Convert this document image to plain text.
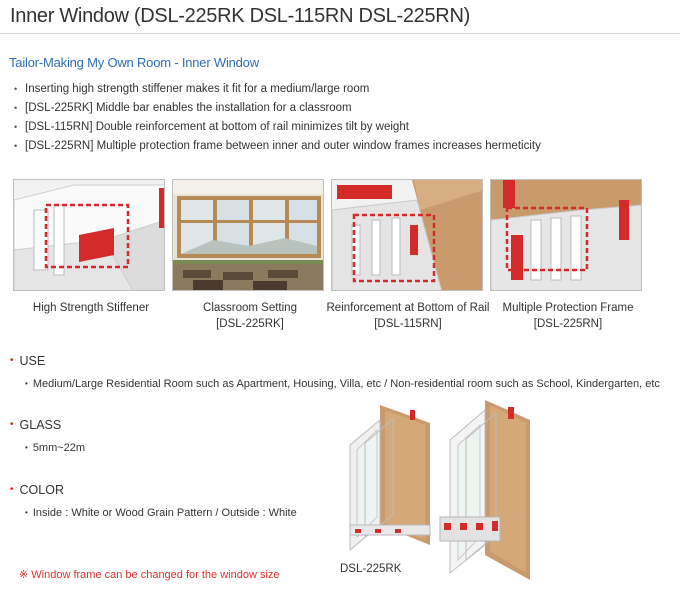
Inner Window (DSL-225RK DSL-115RN DSL-225RN)
Tailor-Making My Own Room - Inner Window
• Inserting high strength stiffener makes it fit for a medium/large room
• [DSL-225RK] Middle bar enables the installation for a classroom
• [DSL-115RN] Double reinforcement at bottom of rail minimizes tilt by weight
• [DSL-225RN] Multiple protection frame between inner and outer window frames increases hermeticity
High Strength Stiffener	Classroom Setting
[DSL-225RK]
Reinforcement at Bottom of Rail
[DSL-115RN]
Multiple Protection Frame
[DSL-225RN]
• USE
• Medium/Large Residential Room such as Apartment, Housing, Villa, etc / Non-residential room such as School, Kindergarten, etc
• GLASS
• 5mm~22m
• COLOR
• Inside : White or Wood Grain Pattern / Outside : White
※ Window frame can be changed for the window size	DSL-225RK
